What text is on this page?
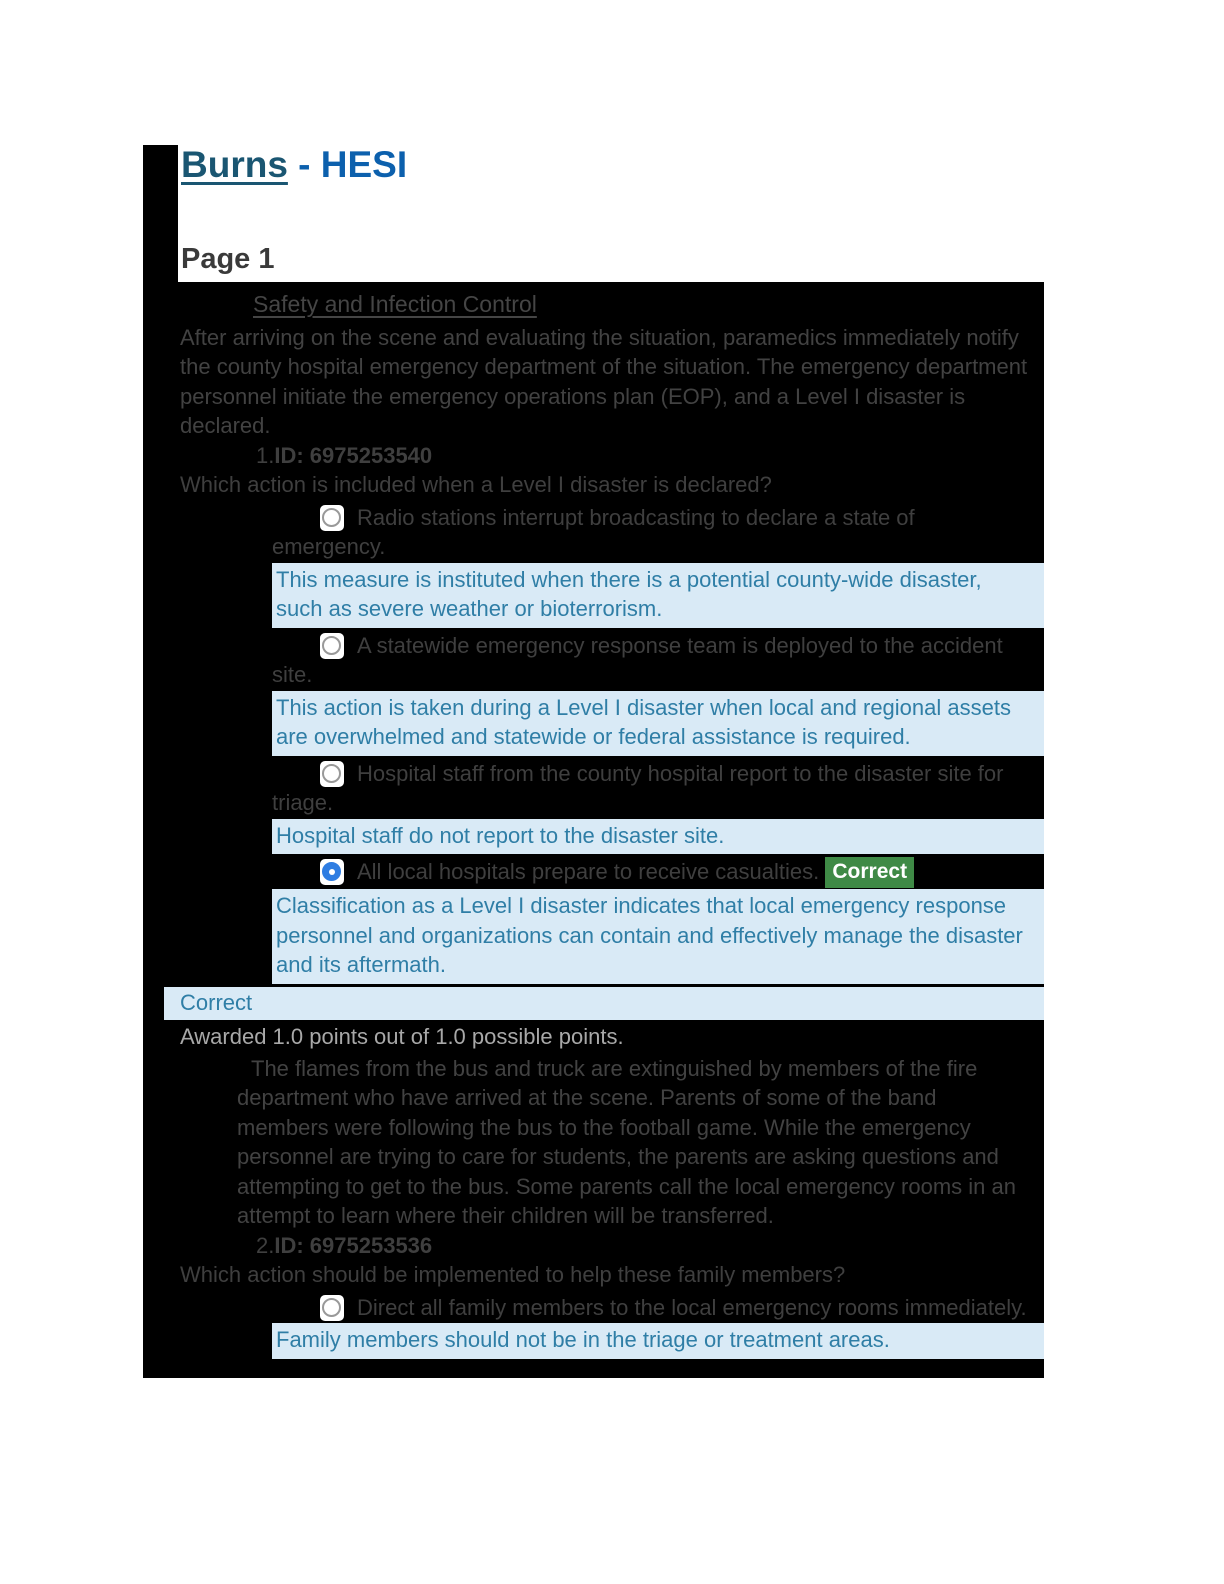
Burns - HESI
Page 1
Safety and Infection Control
After arriving on the scene and evaluating the situation, paramedics immediately notify the county hospital emergency department of the situation. The emergency department personnel initiate the emergency operations plan (EOP), and a Level I disaster is declared.
1.ID: 6975253540
Which action is included when a Level I disaster is declared?
Radio stations interrupt broadcasting to declare a state of emergency.
This measure is instituted when there is a potential county-wide disaster, such as severe weather or bioterrorism.
A statewide emergency response team is deployed to the accident site.
This action is taken during a Level I disaster when local and regional assets are overwhelmed and statewide or federal assistance is required.
Hospital staff from the county hospital report to the disaster site for triage.
Hospital staff do not report to the disaster site.
All local hospitals prepare to receive casualties. Correct
Classification as a Level I disaster indicates that local emergency response personnel and organizations can contain and effectively manage the disaster and its aftermath.
Correct
Awarded 1.0 points out of 1.0 possible points.
The flames from the bus and truck are extinguished by members of the fire department who have arrived at the scene. Parents of some of the band members were following the bus to the football game. While the emergency personnel are trying to care for students, the parents are asking questions and attempting to get to the bus. Some parents call the local emergency rooms in an attempt to learn where their children will be transferred.
2.ID: 6975253536
Which action should be implemented to help these family members?
Direct all family members to the local emergency rooms immediately.
Family members should not be in the triage or treatment areas.
